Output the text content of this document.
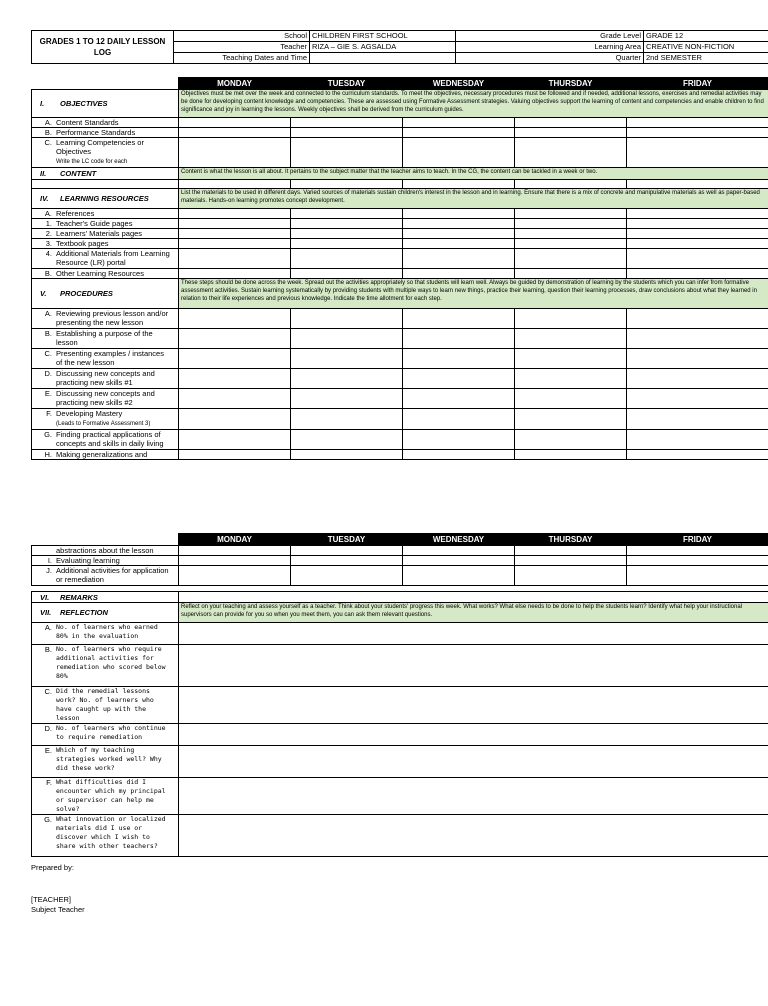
GRADES 1 TO 12 DAILY LESSON LOG	School	CHILDREN FIRST SCHOOL	Grade Level	GRADE 12
	Teacher	RIZA – GIE S. AGSALDA	Learning Area	CREATIVE NON-FICTION
	Teaching Dates and Time		Quarter	2nd SEMESTER
	MONDAY	TUESDAY	WEDNESDAY	THURSDAY	FRIDAY
I. OBJECTIVES	Objectives must be met over the week and connected to the curriculum standards. To meet the objectives, necessary procedures must be followed and if needed, additional lessons, exercises and remedial activities may be done for developing content knowledge and competencies. These are assessed using Formative Assessment strategies. Valuing objectives support the learning of content and competencies and enable children to find significance and joy in learning the lessons. Weekly objectives shall be derived from the curriculum guides.				
A. Content Standards					
B. Performance Standards					
C. Learning Competencies or Objectives
Write the LC code for each					
II. CONTENT	Content is what the lesson is all about. It pertains to the subject matter that the teacher aims to teach. In the CG, the content can be tackled in a week or two.				

IV. LEARNING RESOURCES	List the materials to be used in different days. Varied sources of materials sustain children's interest in the lesson and in learning. Ensure that there is a mix of concrete and manipulative materials as well as paper-based materials. Hands-on learning promotes concept development.				
A. References					
1. Teacher's Guide pages					
2. Learners' Materials pages					
3. Textbook pages					
4. Additional Materials from Learning Resource (LR) portal					
B. Other Learning Resources					
V. PROCEDURES	These steps should be done across the week. Spread out the activities appropriately so that students will learn well. Always be guided by demonstration of learning by the students which you can infer from formative assessment activities. Sustain learning systematically by providing students with multiple ways to learn new things, practice their learning, question their learning processes, draw conclusions about what they learned in relation to their life experiences and previous knowledge. Indicate the time allotment for each step.				
A. Reviewing previous lesson and/or presenting the new lesson					
B. Establishing a purpose of the lesson					
C. Presenting examples / instances of the new lesson					
D. Discussing new concepts and practicing new skills #1					
E. Discussing new concepts and practicing new skills #2					
F. Developing Mastery
(Leads to Formative Assessment 3)					
G. Finding practical applications of concepts and skills in daily living					
H. Making generalizations and					
	MONDAY	TUESDAY	WEDNESDAY	THURSDAY	FRIDAY
abstractions about the lesson					
I. Evaluating learning					
J. Additional activities for application or remediation					

VI. REMARKS					
VII. REFLECTION	Reflect on your teaching and assess yourself as a teacher. Think about your students' progress this week. What works? What else needs to be done to help the students learn? Identify what help your instructional supervisors can provide for you so when you meet them, you can ask them relevant questions.				
A. No. of learners who earned 80% in the evaluation					
B. No. of learners who require additional activities for remediation who scored below 80%					
C. Did the remedial lessons work? No. of learners who have caught up with the lesson					
D. No. of learners who continue to require remediation					
E. Which of my teaching strategies worked well? Why did these work?					
F. What difficulties did I encounter which my principal or supervisor can help me solve?					
G. What innovation or localized materials did I use or discover which I wish to share with other teachers?					
Prepared by:
[TEACHER]
Subject Teacher
